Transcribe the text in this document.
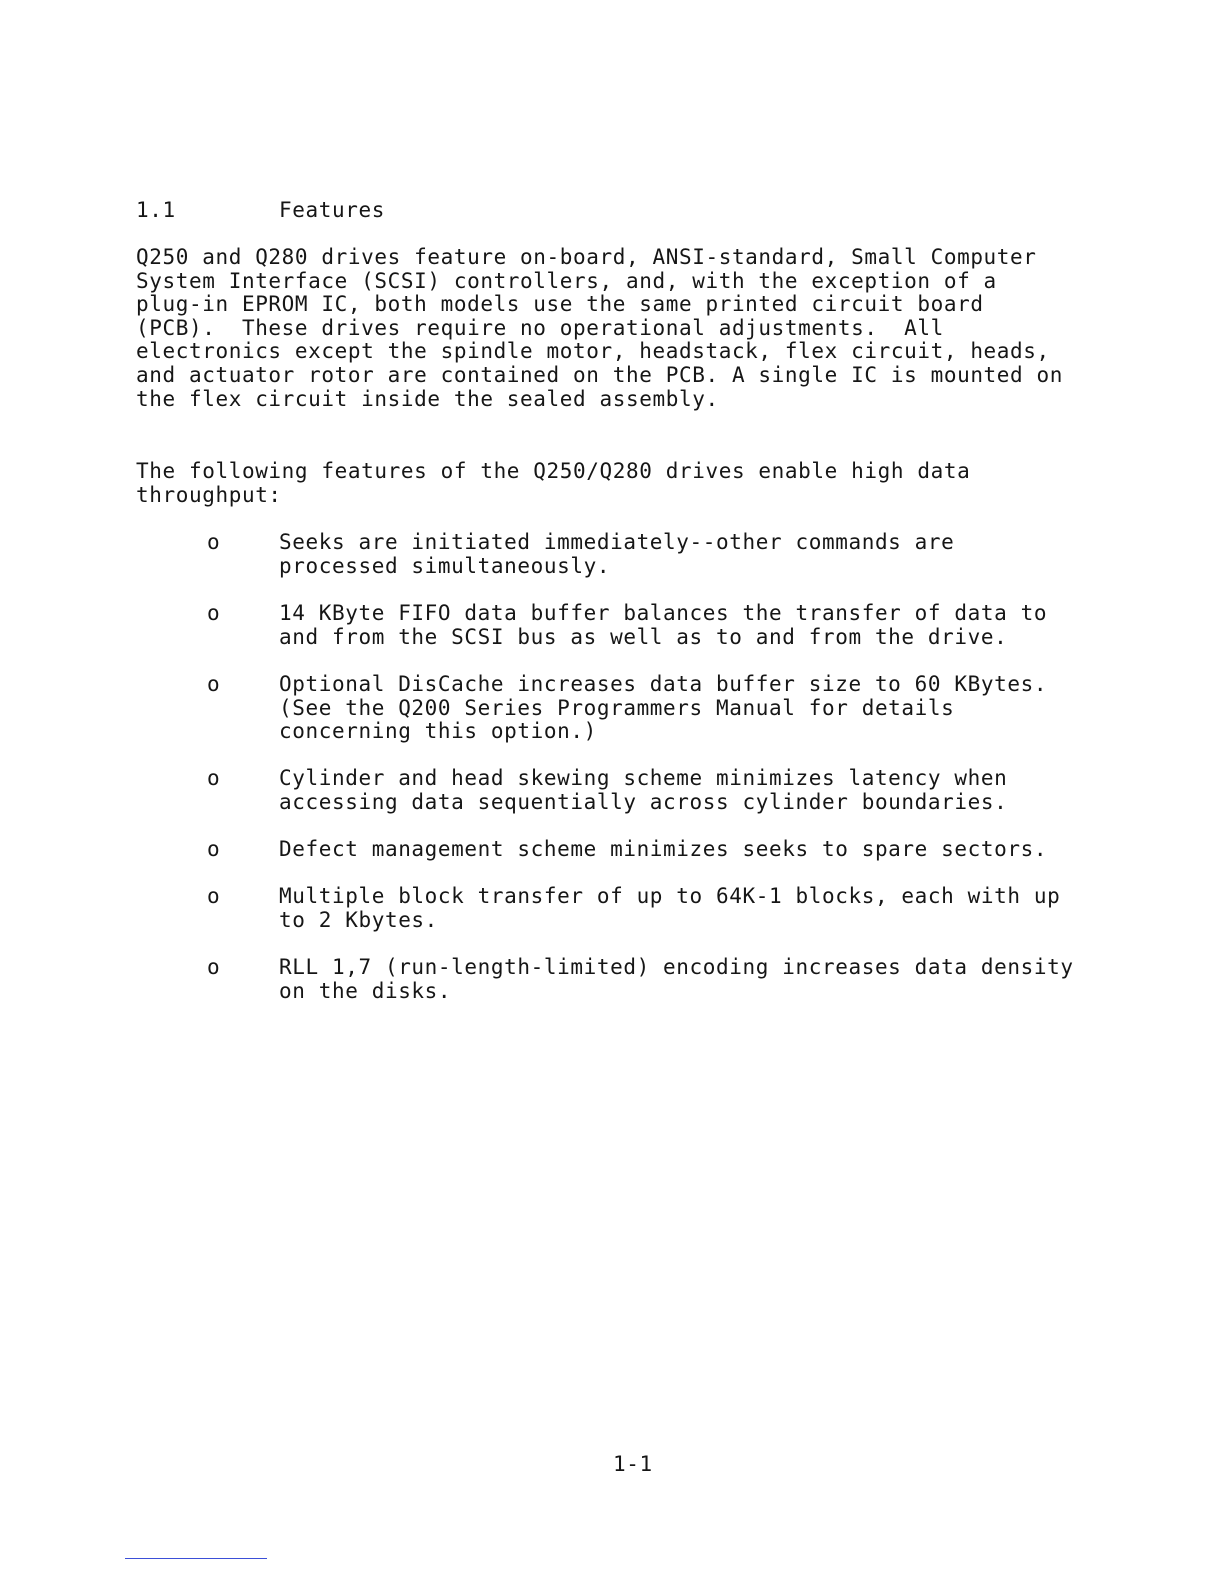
1.1	Features
Q250 and Q280 drives feature on-board, ANSI-standard, Small Computer
System Interface (SCSI) controllers, and, with the exception of a
plug-in EPROM IC, both models use the same printed circuit board
(PCB).  These drives require no operational adjustments.  All
electronics except the spindle motor, headstack, flex circuit, heads,
and actuator rotor are contained on the PCB. A single IC is mounted on
the flex circuit inside the sealed assembly.
The following features of the Q250/Q280 drives enable high data
throughput:
o	Seeks are initiated immediately--other commands are
processed simultaneously.
o	14 KByte FIFO data buffer balances the transfer of data to
and from the SCSI bus as well as to and from the drive.
o	Optional DisCache increases data buffer size to 60 KBytes.
(See the Q200 Series Programmers Manual for details
concerning this option.)
o	Cylinder and head skewing scheme minimizes latency when
accessing data sequentially across cylinder boundaries.
o	Defect management scheme minimizes seeks to spare sectors.
o	Multiple block transfer of up to 64K-1 blocks, each with up
to 2 Kbytes.
o	RLL 1,7 (run-length-limited) encoding increases data density
on the disks.
1-1
